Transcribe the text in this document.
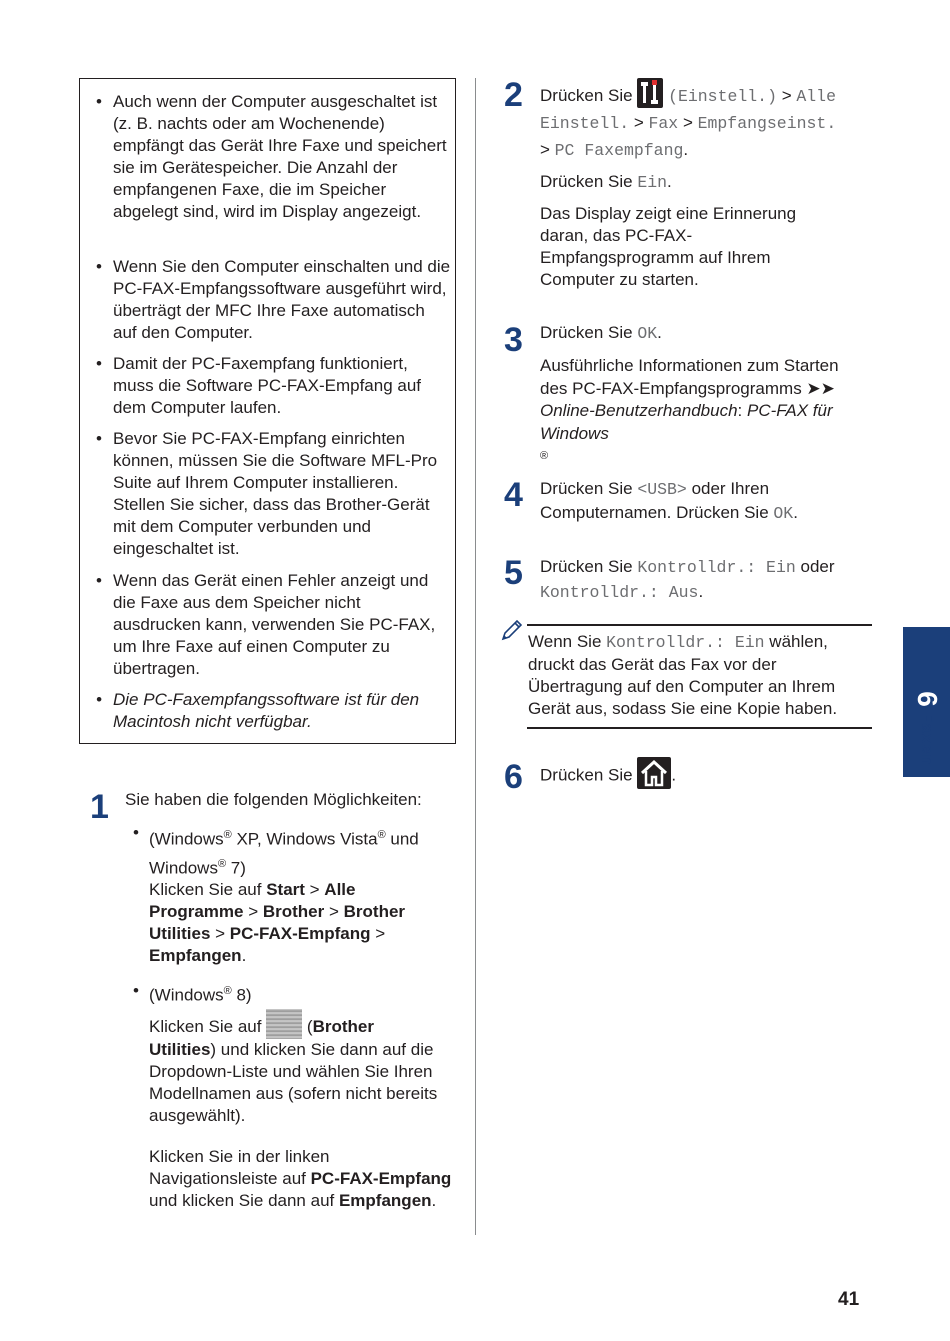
• Auch wenn der Computer ausgeschaltet ist (z. B. nachts oder am Wochenende) empfängt das Gerät Ihre Faxe und speichert sie im Gerätespeicher. Die Anzahl der empfangenen Faxe, die im Speicher abgelegt sind, wird im Display angezeigt.
• Wenn Sie den Computer einschalten und die PC-FAX-Empfangssoftware ausgeführt wird, überträgt der MFC Ihre Faxe automatisch auf den Computer.
• Damit der PC-Faxempfang funktioniert, muss die Software PC-FAX-Empfang auf dem Computer laufen.
• Bevor Sie PC-FAX-Empfang einrichten können, müssen Sie die Software MFL-Pro Suite auf Ihrem Computer installieren. Stellen Sie sicher, dass das Brother-Gerät mit dem Computer verbunden und eingeschaltet ist.
• Wenn das Gerät einen Fehler anzeigt und die Faxe aus dem Speicher nicht ausdrucken kann, verwenden Sie PC-FAX, um Ihre Faxe auf einen Computer zu übertragen.
• Die PC-Faxempfangssoftware ist für den Macintosh nicht verfügbar.
1 Sie haben die folgenden Möglichkeiten:
• (Windows® XP, Windows Vista® und
Windows® 7)
Klicken Sie auf Start > Alle Programme > Brother > Brother Utilities > PC-FAX-Empfang > Empfangen.
• (Windows® 8)
Klicken Sie auf  (Brother
Utilities) und klicken Sie dann auf die Dropdown-Liste und wählen Sie Ihren Modellnamen aus (sofern nicht bereits ausgewählt).
Klicken Sie in der linken Navigationsleiste auf PC-FAX-Empfang und klicken Sie dann auf Empfangen.
2 Drücken Sie  (Einstell.) > Alle
Einstell. > Fax > Empfangseinst.
> PC Faxempfang.
Drücken Sie Ein.
Das Display zeigt eine Erinnerung daran, das PC-FAX-Empfangsprogramm auf Ihrem Computer zu starten.
3 Drücken Sie OK.
Ausführliche Informationen zum Starten des PC-FAX-Empfangsprogramms ➤➤
Online-Benutzerhandbuch: PC-FAX für Windows
®
4 Drücken Sie <USB> oder Ihren Computernamen. Drücken Sie OK.
5 Drücken Sie Kontrolldr.: Ein oder
Kontrolldr.: Aus.
Wenn Sie Kontrolldr.: Ein wählen, druckt das Gerät das Fax vor der Übertragung auf den Computer an Ihrem Gerät aus, sodass Sie eine Kopie haben.
6 Drücken Sie .
6
Faxen
41
